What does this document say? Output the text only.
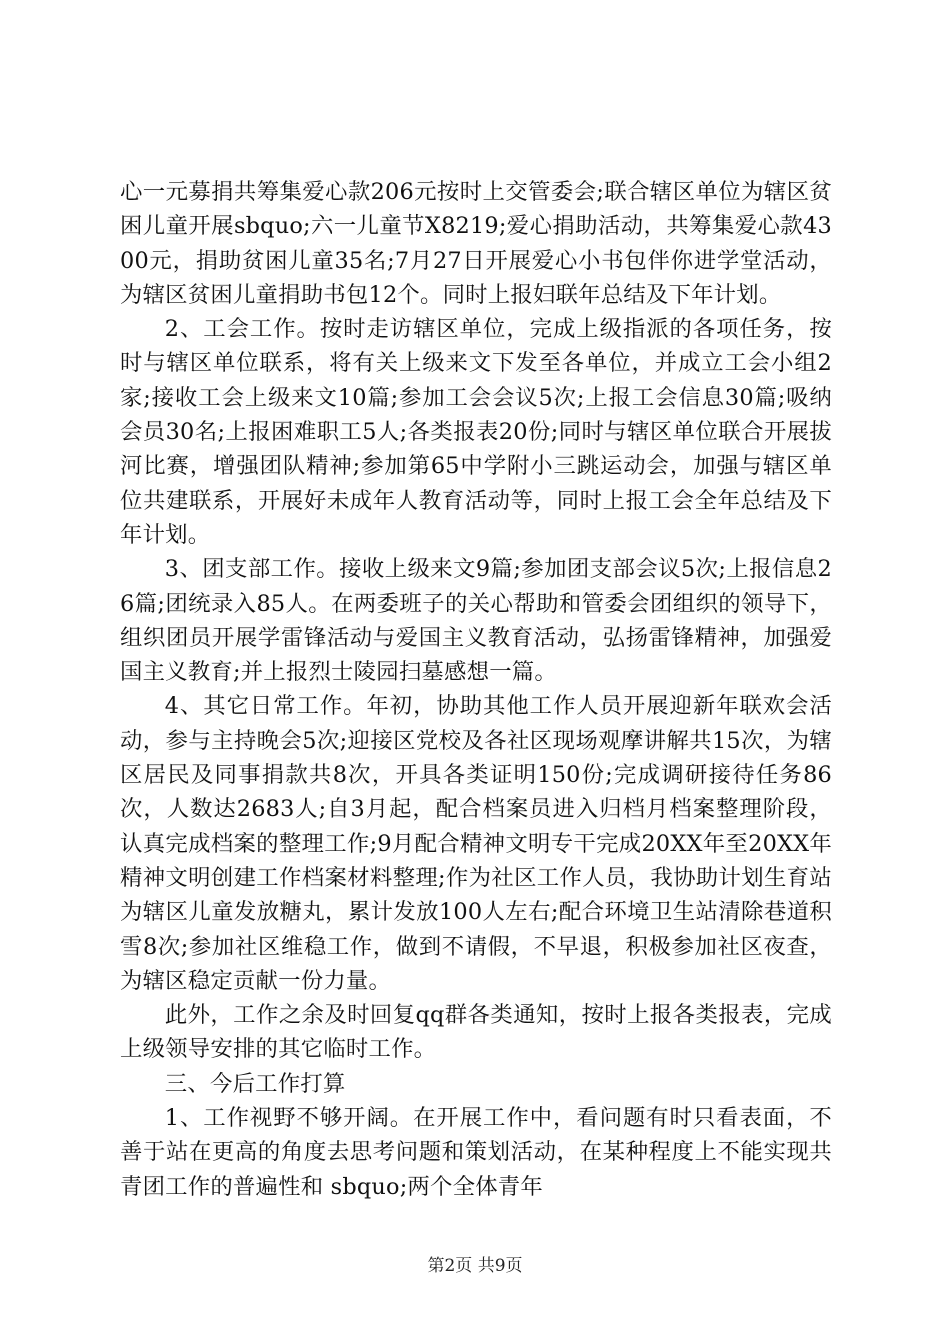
心一元募捐共筹集爱心款206元按时上交管委会;联合辖区单位为辖区贫困儿童开展sbquo;六一儿童节X8219;爱心捐助活动，共筹集爱心款4300元，捐助贫困儿童35名;7月27日开展爱心小书包伴你进学堂活动，为辖区贫困儿童捐助书包12个。同时上报妇联年总结及下年计划。

2、工会工作。按时走访辖区单位，完成上级指派的各项任务，按时与辖区单位联系，将有关上级来文下发至各单位，并成立工会小组2家;接收工会上级来文10篇;参加工会会议5次;上报工会信息30篇;吸纳会员30名;上报困难职工5人;各类报表20份;同时与辖区单位联合开展拔河比赛，增强团队精神;参加第65中学附小三跳运动会，加强与辖区单位共建联系，开展好未成年人教育活动等，同时上报工会全年总结及下年计划。

3、团支部工作。接收上级来文9篇;参加团支部会议5次;上报信息26篇;团统录入85人。在两委班子的关心帮助和管委会团组织的领导下，组织团员开展学雷锋活动与爱国主义教育活动，弘扬雷锋精神，加强爱国主义教育;并上报烈士陵园扫墓感想一篇。

4、其它日常工作。年初，协助其他工作人员开展迎新年联欢会活动，参与主持晚会5次;迎接区党校及各社区现场观摩讲解共15次，为辖区居民及同事捐款共8次，开具各类证明150份;完成调研接待任务86次，人数达2683人;自3月起，配合档案员进入归档月档案整理阶段，认真完成档案的整理工作;9月配合精神文明专干完成20XX年至20XX年精神文明创建工作档案材料整理;作为社区工作人员，我协助计划生育站为辖区儿童发放糖丸，累计发放100人左右;配合环境卫生站清除巷道积雪8次;参加社区维稳工作，做到不请假，不早退，积极参加社区夜查，为辖区稳定贡献一份力量。

此外，工作之余及时回复qq群各类通知，按时上报各类报表，完成上级领导安排的其它临时工作。

三、今后工作打算

1、工作视野不够开阔。在开展工作中，看问题有时只看表面，不善于站在更高的角度去思考问题和策划活动，在某种程度上不能实现共青团工作的普遍性和 sbquo;两个全体青年

第2页 共9页
